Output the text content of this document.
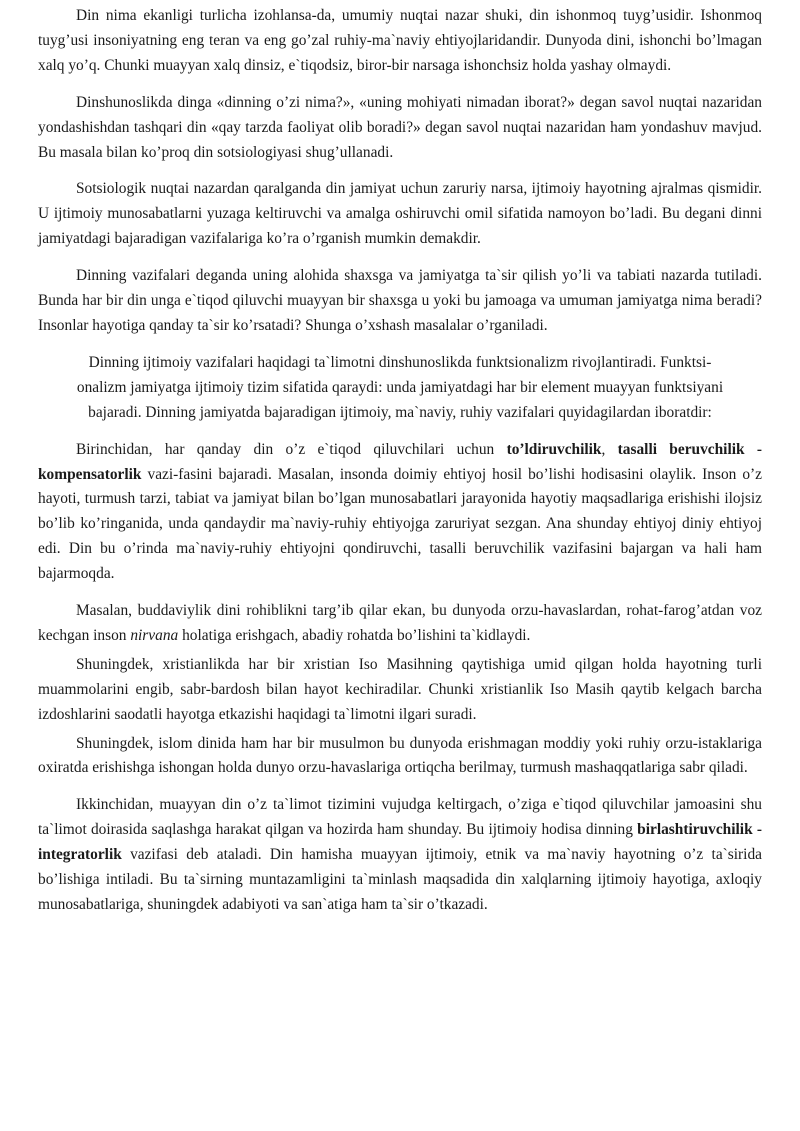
Din nima ekanligi turlicha izohlansa-da, umumiy nuqtai nazar shuki, din ishonmoq tuyg’usidir. Ishonmoq tuyg’usi insoniyatning eng teran va eng go’zal ruhiy-ma`naviy ehtiyojlaridandir. Dunyoda dini, ishonchi bo’lmagan xalq yo’q. Chunki muayyan xalq dinsiz, e`tiqodsiz, biror-bir narsaga ishonchsiz holda yashay olmaydi.

Dinshunoslikda dinga «dinning o’zi nima?», «uning mohiyati nimadan iborat?» degan savol nuqtai nazaridan yondashishdan tashqari din «qay tarzda faoliyat olib boradi?» degan savol nuqtai nazaridan ham yondashuv mavjud. Bu masala bilan ko’proq din sotsiologiyasi shug’ullanadi.

Sotsiologik nuqtai nazardan qaralganda din jamiyat uchun zaruriy narsa, ijtimoiy hayotning ajralmas qismidir. U ijtimoiy munosabatlarni yuzaga keltiruvchi va amalga oshiruvchi omil sifatida namoyon bo’ladi. Bu degani dinni jamiyatdagi bajaradigan vazifalariga ko’ra o’rganish mumkin demakdir.

Dinning vazifalari deganda uning alohida shaxsga va jamiyatga ta`sir qilish yo’li va tabiati nazarda tutiladi. Bunda har bir din unga e`tiqod qiluvchi muayyan bir shaxsga u yoki bu jamoaga va umuman jamiyatga nima beradi? Insonlar hayotiga qanday ta`sir ko’rsatadi? Shunga o’xshash masalalar o’rganiladi.

Dinning ijtimoiy vazifalari haqidagi ta`limotni dinshunoslikda funktsionalizm rivojlantiradi. Funktsi-onalizm jamiyatga ijtimoiy tizim sifatida qaraydi: unda jamiyatdagi har bir element muayyan funktsiyani bajaradi. Dinning jamiyatda bajaradigan ijtimoiy, ma`naviy, ruhiy vazifalari quyidagilardan iboratdir:

Birinchidan, har qanday din o’z e`tiqod qiluvchilari uchun to’ldiruvchilik, tasalli beruvchilik - kompensatorlik vazi-fasini bajaradi. Masalan, insonda doimiy ehtiyoj hosil bo’lishi hodisasini olaylik. Inson o’z hayoti, turmush tarzi, tabiat va jamiyat bilan bo’lgan munosabatlari jarayonida hayotiy maqsadlariga erishishi ilojsiz bo’lib ko’ringanida, unda qandaydir ma`naviy-ruhiy ehtiyojga zaruriyat sezgan. Ana shunday ehtiyoj diniy ehtiyoj edi. Din bu o’rinda ma`naviy-ruhiy ehtiyojni qondiruvchi, tasalli beruvchilik vazifasini bajargan va hali ham bajarmoqda.

Masalan, buddaviylik dini rohiblikni targ’ib qilar ekan, bu dunyoda orzu-havaslardan, rohat-farog’atdan voz kechgan inson nirvana holatiga erishgach, abadiy rohatda bo’lishini ta`kidlaydi.

Shuningdek, xristianlikda har bir xristian Iso Masihning qaytishiga umid qilgan holda hayotning turli muammolarini engib, sabr-bardosh bilan hayot kechiradilar. Chunki xristianlik Iso Masih qaytib kelgach barcha izdoshlarini saodatli hayotga etkazishi haqidagi ta`limotni ilgari suradi.

Shuningdek, islom dinida ham har bir musulmon bu dunyoda erishmagan moddiy yoki ruhiy orzu-istaklariga oxiratda erishishga ishongan holda dunyo orzu-havaslariga ortiqcha berilmay, turmush mashaqqatlariga sabr qiladi.

Ikkinchidan, muayyan din o’z ta`limot tizimini vujudga keltirgach, o’ziga e`tiqod qiluvchilar jamoasini shu ta`limot doirasida saqlashga harakat qilgan va hozirda ham shunday. Bu ijtimoiy hodisa dinning birlashtiruvchilik - integratorlik vazifasi deb ataladi. Din hamisha muayyan ijtimoiy, etnik va ma`naviy hayotning o’z ta`sirida bo’lishiga intiladi. Bu ta`sirning muntazamligini ta`minlash maqsadida din xalqlarning ijtimoiy hayotiga, axloqiy munosabatlariga, shuningdek adabiyoti va san`atiga ham ta`sir o’tkazadi.
